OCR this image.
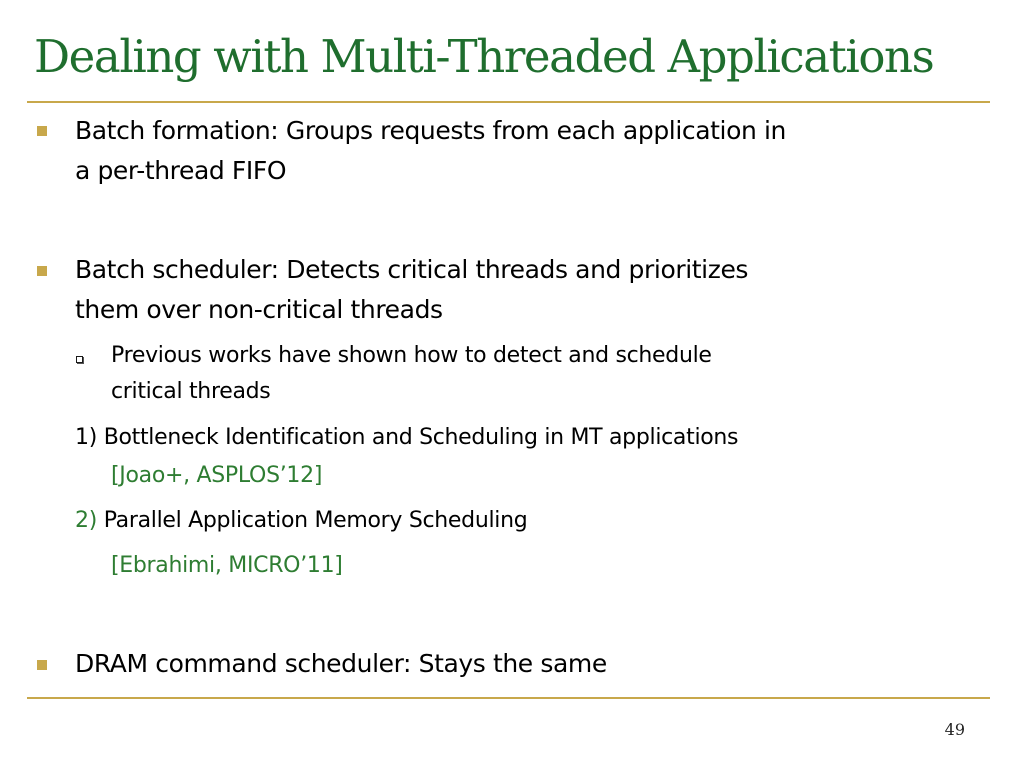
Dealing with Multi-Threaded Applications
Batch formation: Groups requests from each application in
a per-thread FIFO
Batch scheduler: Detects critical threads and prioritizes
them over non-critical threads
Previous works have shown how to detect and schedule
critical threads
1) Bottleneck Identification and Scheduling in MT applications
[Joao+, ASPLOS’12]
2) Parallel Application Memory Scheduling
[Ebrahimi, MICRO’11]
DRAM command scheduler: Stays the same
49
